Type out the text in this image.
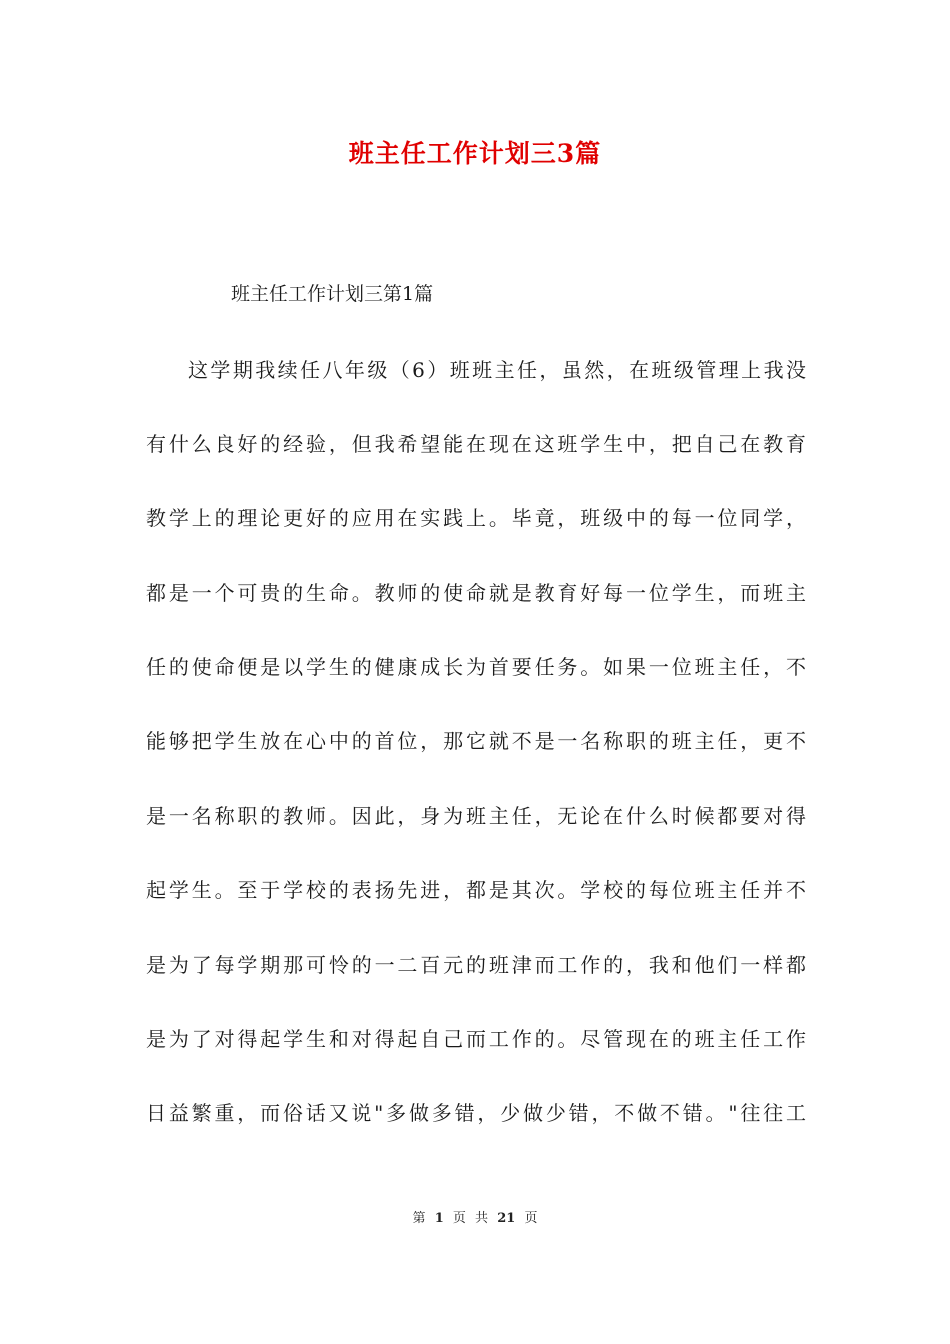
班主任工作计划三3篇
班主任工作计划三第1篇
这学期我续任八年级（6）班班主任，虽然，在班级管理上我没
有什么良好的经验，但我希望能在现在这班学生中，把自己在教育
教学上的理论更好的应用在实践上。毕竟，班级中的每一位同学，
都是一个可贵的生命。教师的使命就是教育好每一位学生，而班主
任的使命便是以学生的健康成长为首要任务。如果一位班主任，不
能够把学生放在心中的首位，那它就不是一名称职的班主任，更不
是一名称职的教师。因此，身为班主任，无论在什么时候都要对得
起学生。至于学校的表扬先进，都是其次。学校的每位班主任并不
是为了每学期那可怜的一二百元的班津而工作的，我和他们一样都
是为了对得起学生和对得起自己而工作的。尽管现在的班主任工作
日益繁重，而俗话又说"多做多错，少做少错，不做不错。"往往工
第 1 页 共 21 页
